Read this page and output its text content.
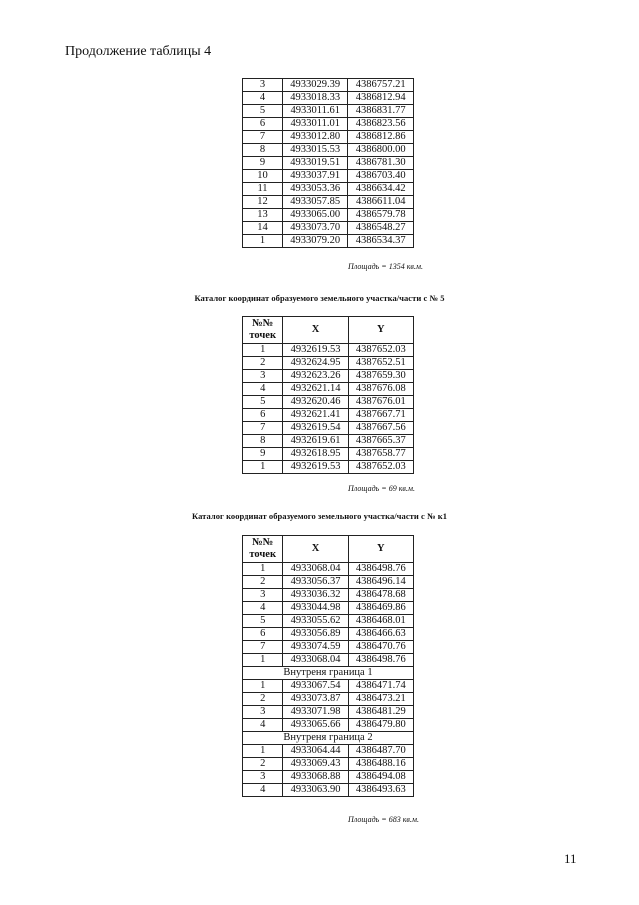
Продолжение таблицы 4
3	4933029.39	4386757.21
4	4933018.33	4386812.94
5	4933011.61	4386831.77
6	4933011.01	4386823.56
7	4933012.80	4386812.86
8	4933015.53	4386800.00
9	4933019.51	4386781.30
10	4933037.91	4386703.40
11	4933053.36	4386634.42
12	4933057.85	4386611.04
13	4933065.00	4386579.78
14	4933073.70	4386548.27
1	4933079.20	4386534.37
Площадь = 1354 кв.м.
Каталог координат образуемого земельного участка/части с № 5
№№ точек	X	Y
1	4932619.53	4387652.03
2	4932624.95	4387652.51
3	4932623.26	4387659.30
4	4932621.14	4387676.08
5	4932620.46	4387676.01
6	4932621.41	4387667.71
7	4932619.54	4387667.56
8	4932619.61	4387665.37
9	4932618.95	4387658.77
1	4932619.53	4387652.03
Площадь = 69 кв.м.
Каталог координат образуемого земельного участка/части с № к1
№№ точек	X	Y
1	4933068.04	4386498.76
2	4933056.37	4386496.14
3	4933036.32	4386478.68
4	4933044.98	4386469.86
5	4933055.62	4386468.01
6	4933056.89	4386466.63
7	4933074.59	4386470.76
1	4933068.04	4386498.76
Внутреня граница 1		
1	4933067.54	4386471.74
2	4933073.87	4386473.21
3	4933071.98	4386481.29
4	4933065.66	4386479.80
Внутреня граница 2		
1	4933064.44	4386487.70
2	4933069.43	4386488.16
3	4933068.88	4386494.08
4	4933063.90	4386493.63
Площадь = 683 кв.м.
11
